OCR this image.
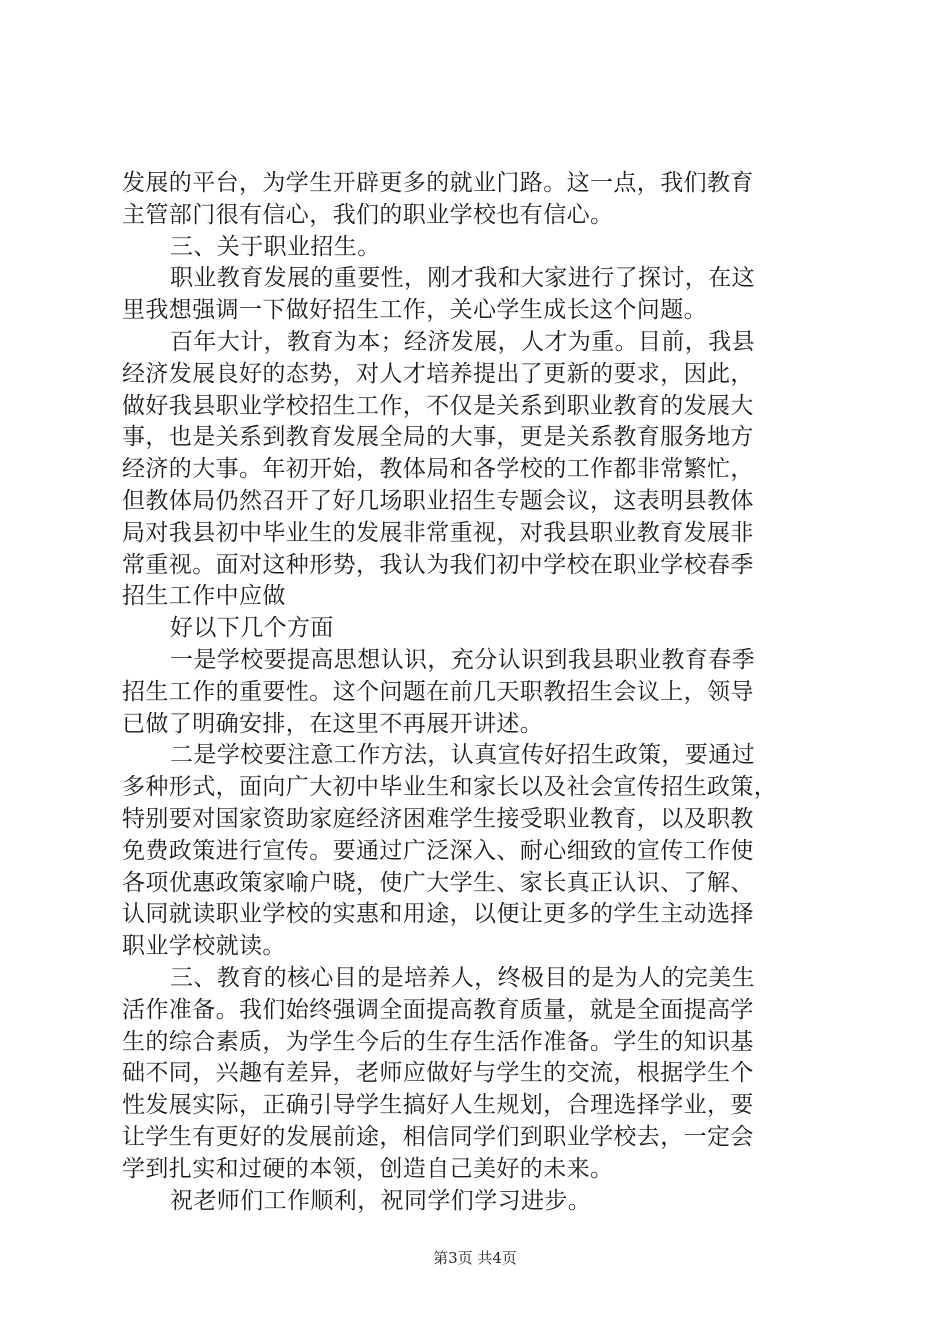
发展的平台，为学生开辟更多的就业门路。这一点，我们教育
主管部门很有信心，我们的职业学校也有信心。
三、关于职业招生。
职业教育发展的重要性，刚才我和大家进行了探讨，在这
里我想强调一下做好招生工作，关心学生成长这个问题。
百年大计，教育为本；经济发展，人才为重。目前，我县
经济发展良好的态势，对人才培养提出了更新的要求，因此，
做好我县职业学校招生工作，不仅是关系到职业教育的发展大
事，也是关系到教育发展全局的大事，更是关系教育服务地方
经济的大事。年初开始，教体局和各学校的工作都非常繁忙，
但教体局仍然召开了好几场职业招生专题会议，这表明县教体
局对我县初中毕业生的发展非常重视，对我县职业教育发展非
常重视。面对这种形势，我认为我们初中学校在职业学校春季
招生工作中应做
好以下几个方面
一是学校要提高思想认识，充分认识到我县职业教育春季
招生工作的重要性。这个问题在前几天职教招生会议上，领导
已做了明确安排，在这里不再展开讲述。
二是学校要注意工作方法，认真宣传好招生政策，要通过
多种形式，面向广大初中毕业生和家长以及社会宣传招生政策，
特别要对国家资助家庭经济困难学生接受职业教育，以及职教
免费政策进行宣传。要通过广泛深入、耐心细致的宣传工作使
各项优惠政策家喻户晓，使广大学生、家长真正认识、了解、
认同就读职业学校的实惠和用途，以便让更多的学生主动选择
职业学校就读。
三、教育的核心目的是培养人，终极目的是为人的完美生
活作准备。我们始终强调全面提高教育质量，就是全面提高学
生的综合素质，为学生今后的生存生活作准备。学生的知识基
础不同，兴趣有差异，老师应做好与学生的交流，根据学生个
性发展实际，正确引导学生搞好人生规划，合理选择学业，要
让学生有更好的发展前途，相信同学们到职业学校去，一定会
学到扎实和过硬的本领，创造自己美好的未来。
祝老师们工作顺利，祝同学们学习进步。
第3页 共4页
